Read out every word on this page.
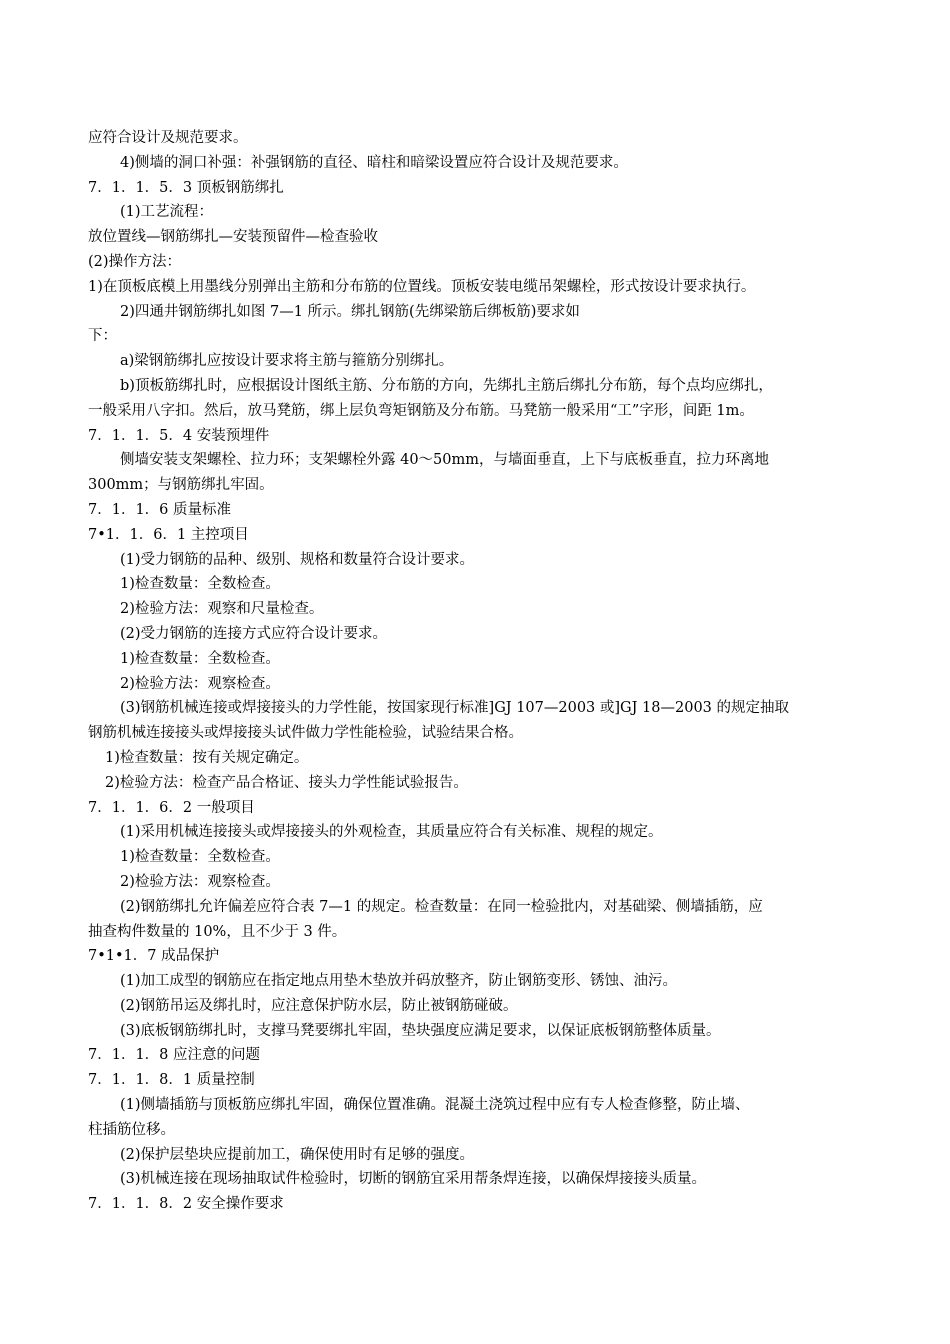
应符合设计及规范要求。
4)侧墙的洞口补强：补强钢筋的直径、暗柱和暗梁设置应符合设计及规范要求。
7．1．1．5．3 顶板钢筋绑扎
(1)工艺流程：
放位置线—钢筋绑扎—安装预留件—检查验收
(2)操作方法：
1)在顶板底模上用墨线分别弹出主筋和分布筋的位置线。顶板安装电缆吊架螺栓，形式按设计要求执行。
2)四通井钢筋绑扎如图 7—1 所示。绑扎钢筋(先绑梁筋后绑板筋)要求如
下：
a)梁钢筋绑扎应按设计要求将主筋与箍筋分别绑扎。
b)顶板筋绑扎时，应根据设计图纸主筋、分布筋的方向，先绑扎主筋后绑扎分布筋，每个点均应绑扎，
一般采用八字扣。然后，放马凳筋，绑上层负弯矩钢筋及分布筋。马凳筋一般采用“工”字形，间距 1m。
7．1．1．5．4 安装预埋件
侧墙安装支架螺栓、拉力环；支架螺栓外露 40～50mm，与墙面垂直，上下与底板垂直，拉力环离地
300mm；与钢筋绑扎牢固。
7．1．1．6 质量标准
7•1．1．6．1 主控项目
(1)受力钢筋的品种、级别、规格和数量符合设计要求。
1)检查数量：全数检查。
2)检验方法：观察和尺量检查。
(2)受力钢筋的连接方式应符合设计要求。
1)检查数量：全数检查。
2)检验方法：观察检查。
(3)钢筋机械连接或焊接接头的力学性能，按国家现行标准]GJ 107—2003 或]GJ 18—2003 的规定抽取
钢筋机械连接接头或焊接接头试件做力学性能检验，试验结果合格。
1)检查数量：按有关规定确定。
2)检验方法：检查产品合格证、接头力学性能试验报告。
7．1．1．6．2 一般项目
(1)采用机械连接接头或焊接接头的外观检查，其质量应符合有关标准、规程的规定。
1)检查数量：全数检查。
2)检验方法：观察检查。
(2)钢筋绑扎允许偏差应符合表 7—1 的规定。检查数量：在同一检验批内，对基础梁、侧墙插筋，应
抽查构件数量的 10%，且不少于 3 件。
7•1•1．7 成品保护
(1)加工成型的钢筋应在指定地点用垫木垫放并码放整齐，防止钢筋变形、锈蚀、油污。
(2)钢筋吊运及绑扎时，应注意保护防水层，防止被钢筋碰破。
(3)底板钢筋绑扎时，支撑马凳要绑扎牢固，垫块强度应满足要求，以保证底板钢筋整体质量。
7．1．1．8 应注意的问题
7．1．1．8．1 质量控制
(1)侧墙插筋与顶板筋应绑扎牢固，确保位置准确。混凝土浇筑过程中应有专人检查修整，防止墙、
柱插筋位移。
(2)保护层垫块应提前加工，确保使用时有足够的强度。
(3)机械连接在现场抽取试件检验时，切断的钢筋宜采用帮条焊连接，以确保焊接接头质量。
7．1．1．8．2 安全操作要求
